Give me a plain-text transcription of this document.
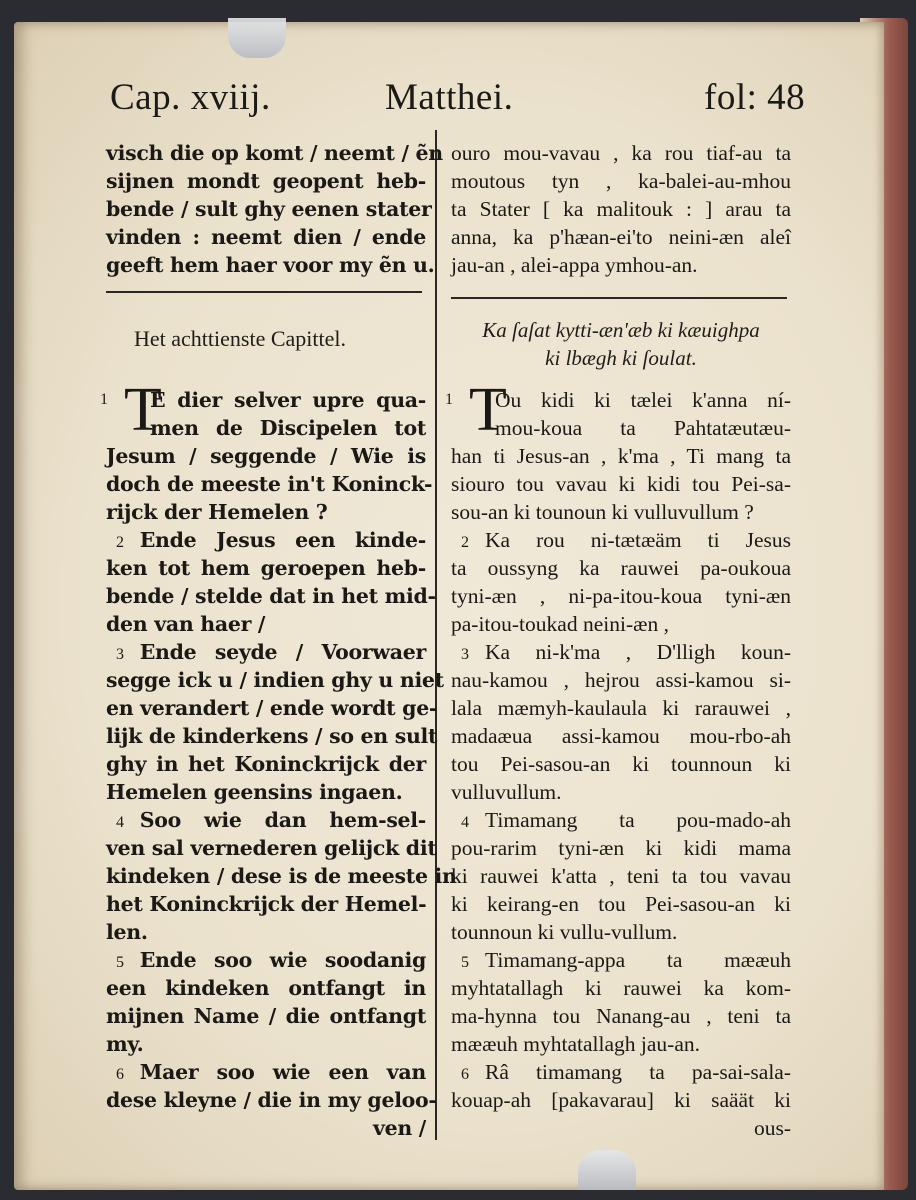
Cap. xviij.	Matthei.	fol: 48
visch die op komt / neemt / ẽn
sijnen mondt geopent heb-
bende / sult ghy eenen stater
vinden : neemt dien / ende
geeft hem haer voor my ẽn u.
ouro mou-vavau , ka rou tiaf-au ta
moutous tyn , ka-balei-au-mhou
ta Stater [ ka malitouk : ] arau ta
anna, ka p'hæan-ei'to neini-æn aleî
jau-an , alei-appa ymhou-an.
Het achttienste Capittel.	Ka ſaſat kytti-æn'æb ki kæuighpa
ki lbægh ki ſoulat.
1 T
E dier selver upre qua-
men de Discipelen tot
Jesum / seggende / Wie is
doch de meeste in't Koninck-
rijck der Hemelen ?
2 Ende Jesus een kinde-
ken tot hem geroepen heb-
bende / stelde dat in het mid-
den van haer /
3 Ende seyde / Voorwaer
segge ick u / indien ghy u niet
en verandert / ende wordt ge-
lijk de kinderkens / so en sult
ghy in het Koninckrijck der
Hemelen geensins ingaen.
4 Soo wie dan hem-sel-
ven sal vernederen gelijck dit
kindeken / dese is de meeste in
het Koninckrijck der Hemel-
len.
5 Ende soo wie soodanig
een kindeken ontfangt in
mijnen Name / die ontfangt
my.
6 Maer soo wie een van
dese kleyne / die in my geloo-
ven /
1 T
Ou kidi ki tælei k'anna ní-
mou-koua ta Pahtatæutæu-
han ti Jesus-an , k'ma , Ti mang ta
siouro tou vavau ki kidi tou Pei-sa-
sou-an ki tounoun ki vulluvullum ?
2 Ka rou ni-tætæäm ti Jesus
ta oussyng ka rauwei pa-oukoua
tyni-æn , ni-pa-itou-koua tyni-æn
pa-itou-toukad neini-æn ,
3 Ka ni-k'ma , D'lligh koun-
nau-kamou , hejrou assi-kamou si-
lala mæmyh-kaulaula ki rarauwei ,
madaæua assi-kamou mou-rbo-ah
tou Pei-sasou-an ki tounnoun ki
vulluvullum.
4 Timamang ta pou-mado-ah
pou-rarim tyni-æn ki kidi mama
ki rauwei k'atta , teni ta tou vavau
ki keirang-en tou Pei-sasou-an ki
tounnoun ki vullu-vullum.
5 Timamang-appa ta mææuh
myhtatallagh ki rauwei ka kom-
ma-hynna tou Nanang-au , teni ta
mææuh myhtatallagh jau-an.
6 Râ timamang ta pa-sai-sala-
kouap-ah [pakavarau] ki saäät ki
ous-
